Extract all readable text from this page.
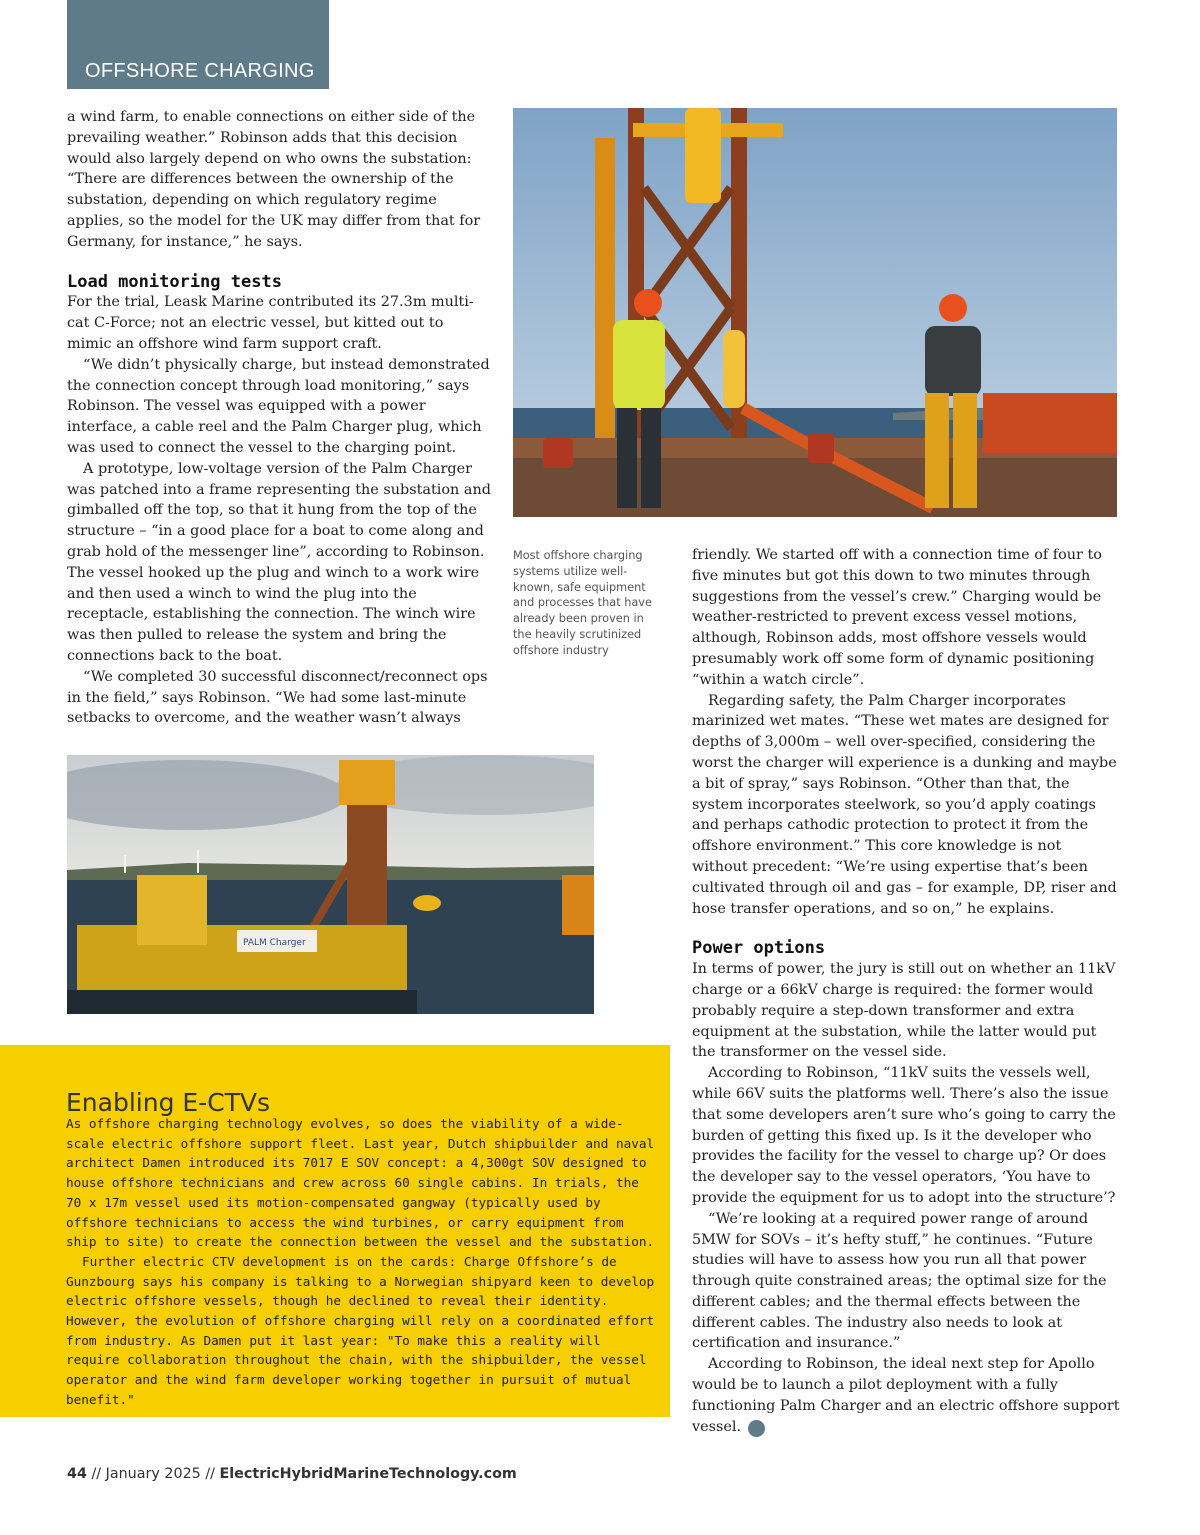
OFFSHORE CHARGING

a wind farm, to enable connections on either side of the prevailing weather.” Robinson adds that this decision would also largely depend on who owns the substation: “There are differences between the ownership of the substation, depending on which regulatory regime applies, so the model for the UK may differ from that for Germany, for instance,” he says.

Load monitoring tests

For the trial, Leask Marine contributed its 27.3m multi-cat C-Force; not an electric vessel, but kitted out to mimic an offshore wind farm support craft.

“We didn’t physically charge, but instead demonstrated the connection concept through load monitoring,” says Robinson. The vessel was equipped with a power interface, a cable reel and the Palm Charger plug, which was used to connect the vessel to the charging point.

A prototype, low-voltage version of the Palm Charger was patched into a frame representing the substation and gimballed off the top, so that it hung from the top of the structure – “in a good place for a boat to come along and grab hold of the messenger line”, according to Robinson. The vessel hooked up the plug and winch to a work wire and then used a winch to wind the plug into the receptacle, establishing the connection. The winch wire was then pulled to release the system and bring the connections back to the boat.

“We completed 30 successful disconnect/reconnect ops in the field,” says Robinson. “We had some last-minute setbacks to overcome, and the weather wasn’t always

Most offshore charging systems utilize well-known, safe equipment and processes that have already been proven in the heavily scrutinized offshore industry

friendly. We started off with a connection time of four to five minutes but got this down to two minutes through suggestions from the vessel’s crew.” Charging would be weather-restricted to prevent excess vessel motions, although, Robinson adds, most offshore vessels would presumably work off some form of dynamic positioning “within a watch circle”.

Regarding safety, the Palm Charger incorporates marinized wet mates. “These wet mates are designed for depths of 3,000m – well over-specified, considering the worst the charger will experience is a dunking and maybe a bit of spray,” says Robinson. “Other than that, the system incorporates steelwork, so you’d apply coatings and perhaps cathodic protection to protect it from the offshore environment.” This core knowledge is not without precedent: “We’re using expertise that’s been cultivated through oil and gas – for example, DP, riser and hose transfer operations, and so on,” he explains.

Power options

In terms of power, the jury is still out on whether an 11kV charge or a 66kV charge is required: the former would probably require a step-down transformer and extra equipment at the substation, while the latter would put the transformer on the vessel side.

According to Robinson, “11kV suits the vessels well, while 66V suits the platforms well. There’s also the issue that some developers aren’t sure who’s going to carry the burden of getting this fixed up. Is it the developer who provides the facility for the vessel to charge up? Or does the developer say to the vessel operators, ‘You have to provide the equipment for us to adopt into the structure’?

“We’re looking at a required power range of around 5MW for SOVs – it’s hefty stuff,” he continues. “Future studies will have to assess how you run all that power through quite constrained areas; the optimal size for the different cables; and the thermal effects between the different cables. The industry also needs to look at certification and insurance.”

According to Robinson, the ideal next step for Apollo would be to launch a pilot deployment with a fully functioning Palm Charger and an electric offshore support vessel. +

PALM Charger
Enabling E-CTVs

As offshore charging technology evolves, so does the viability of a wide-scale electric offshore support fleet. Last year, Dutch shipbuilder and naval architect Damen introduced its 7017 E SOV concept: a 4,300gt SOV designed to house offshore technicians and crew across 60 single cabins. In trials, the 70 x 17m vessel used its motion-compensated gangway (typically used by offshore technicians to access the wind turbines, or carry equipment from ship to site) to create the connection between the vessel and the substation.

Further electric CTV development is on the cards: Charge Offshore’s de Gunzbourg says his company is talking to a Norwegian shipyard keen to develop electric offshore vessels, though he declined to reveal their identity. However, the evolution of offshore charging will rely on a coordinated effort from industry. As Damen put it last year: "To make this a reality will require collaboration throughout the chain, with the shipbuilder, the vessel operator and the wind farm developer working together in pursuit of mutual benefit."

44 // January 2025 // ElectricHybridMarineTechnology.com
